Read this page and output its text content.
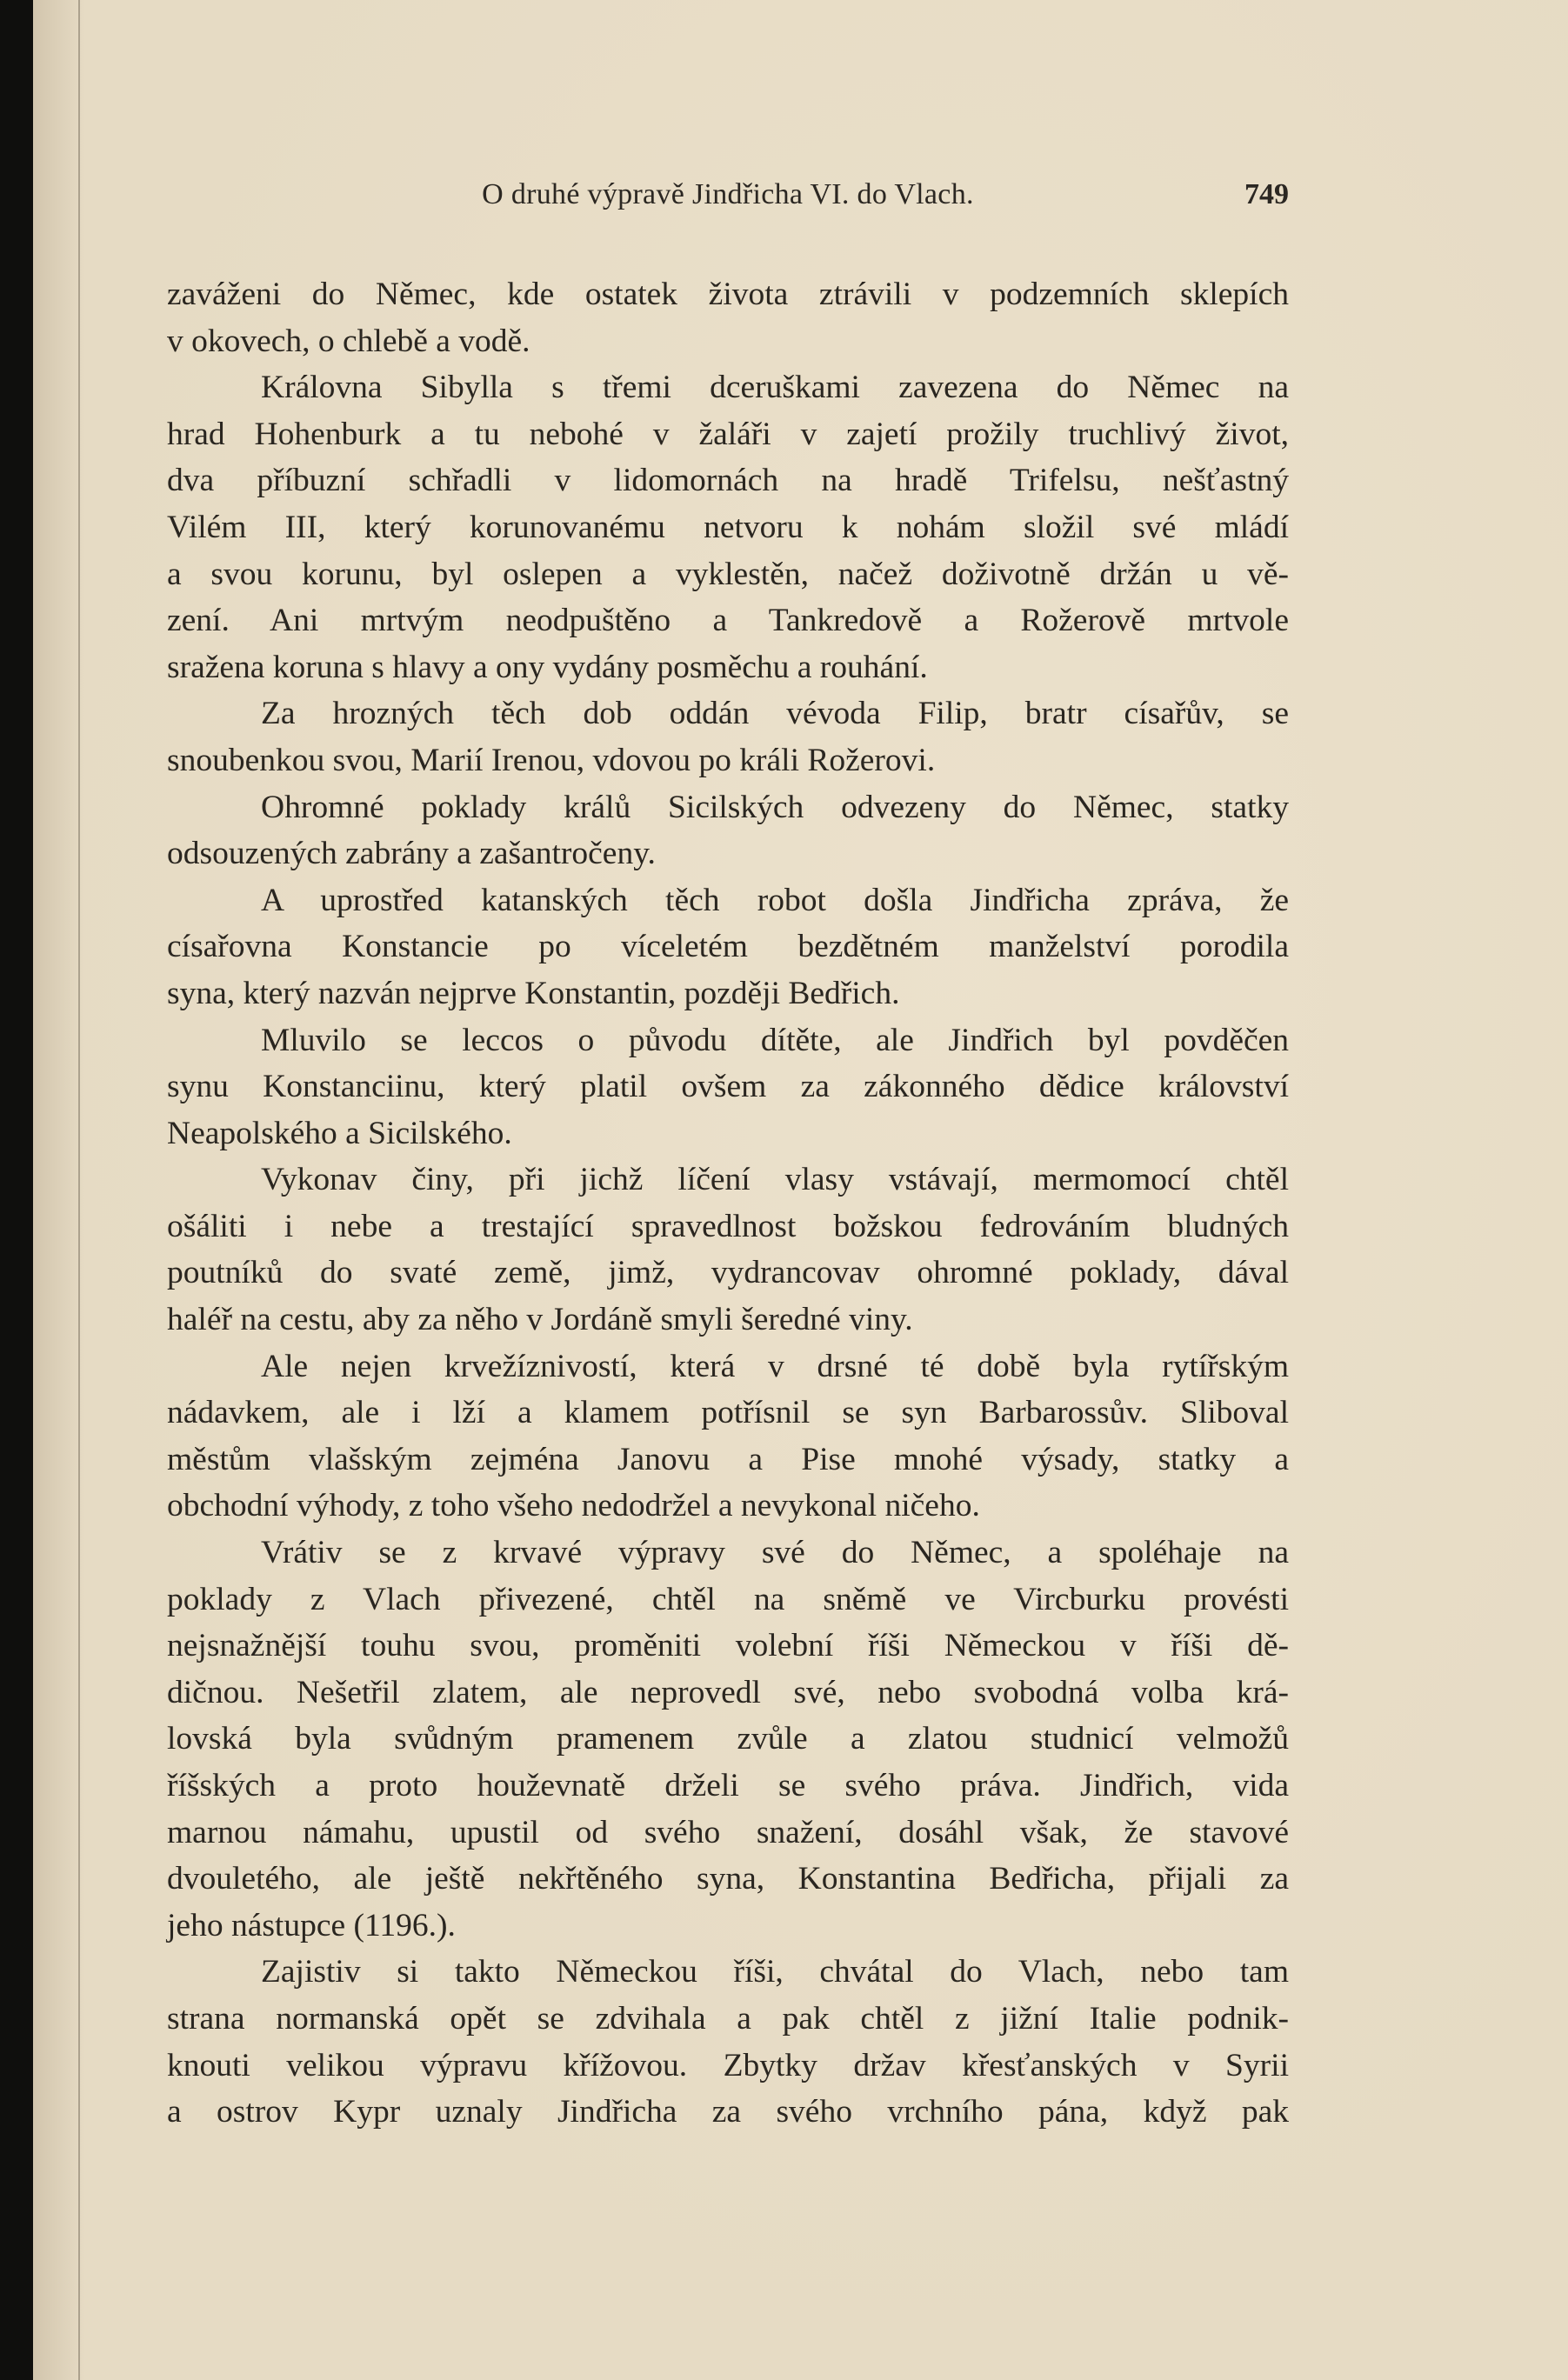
O druhé výpravě Jindřicha VI. do Vlach.	749

zaváženi do Němec, kde ostatek života ztrávili v podzemních sklepích

v okovech, o chlebě a vodě.

Královna Sibylla s třemi dceruškami zavezena do Němec na

hrad Hohenburk a tu nebohé v žaláři v zajetí prožily truchlivý život,

dva příbuzní schřadli v lidomornách na hradě Trifelsu, nešťastný

Vilém III, který korunovanému netvoru k nohám složil své mládí

a svou korunu, byl oslepen a vyklestěn, načež doživotně držán u vě-

zení. Ani mrtvým neodpuštěno a Tankredově a Rožerově mrtvole

sražena koruna s hlavy a ony vydány posměchu a rouhání.

Za hrozných těch dob oddán vévoda Filip, bratr císařův, se

snoubenkou svou, Marií Irenou, vdovou po králi Rožerovi.

Ohromné poklady králů Sicilských odvezeny do Němec, statky

odsouzených zabrány a zašantročeny.

A uprostřed katanských těch robot došla Jindřicha zpráva, že

císařovna Konstancie po víceletém bezdětném manželství porodila

syna, který nazván nejprve Konstantin, později Bedřich.

Mluvilo se leccos o původu dítěte, ale Jindřich byl povděčen

synu Konstanciinu, který platil ovšem za zákonného dědice království

Neapolského a Sicilského.

Vykonav činy, při jichž líčení vlasy vstávají, mermomocí chtěl

ošáliti i nebe a trestající spravedlnost božskou fedrováním bludných

poutníků do svaté země, jimž, vydrancovav ohromné poklady, dával

haléř na cestu, aby za něho v Jordáně smyli šeredné viny.

Ale nejen krvežíznivostí, která v drsné té době byla rytířským

nádavkem, ale i lží a klamem potřísnil se syn Barbarossův. Sliboval

městům vlašským zejména Janovu a Pise mnohé výsady, statky a

obchodní výhody, z toho všeho nedodržel a nevykonal ničeho.

Vrátiv se z krvavé výpravy své do Němec, a spoléhaje na

poklady z Vlach přivezené, chtěl na sněmě ve Vircburku provésti

nejsnažnější touhu svou, proměniti volební říši Německou v říši dě-

dičnou. Nešetřil zlatem, ale neprovedl své, nebo svobodná volba krá-

lovská byla svůdným pramenem zvůle a zlatou studnicí velmožů

říšských a proto houževnatě drželi se svého práva. Jindřich, vida

marnou námahu, upustil od svého snažení, dosáhl však, že stavové

dvouletého, ale ještě nekřtěného syna, Konstantina Bedřicha, přijali za

jeho nástupce (1196.).

Zajistiv si takto Německou říši, chvátal do Vlach, nebo tam

strana normanská opět se zdvihala a pak chtěl z jižní Italie podnik-

knouti velikou výpravu křížovou. Zbytky držav křesťanských v Syrii

a ostrov Kypr uznaly Jindřicha za svého vrchního pána, když pak
